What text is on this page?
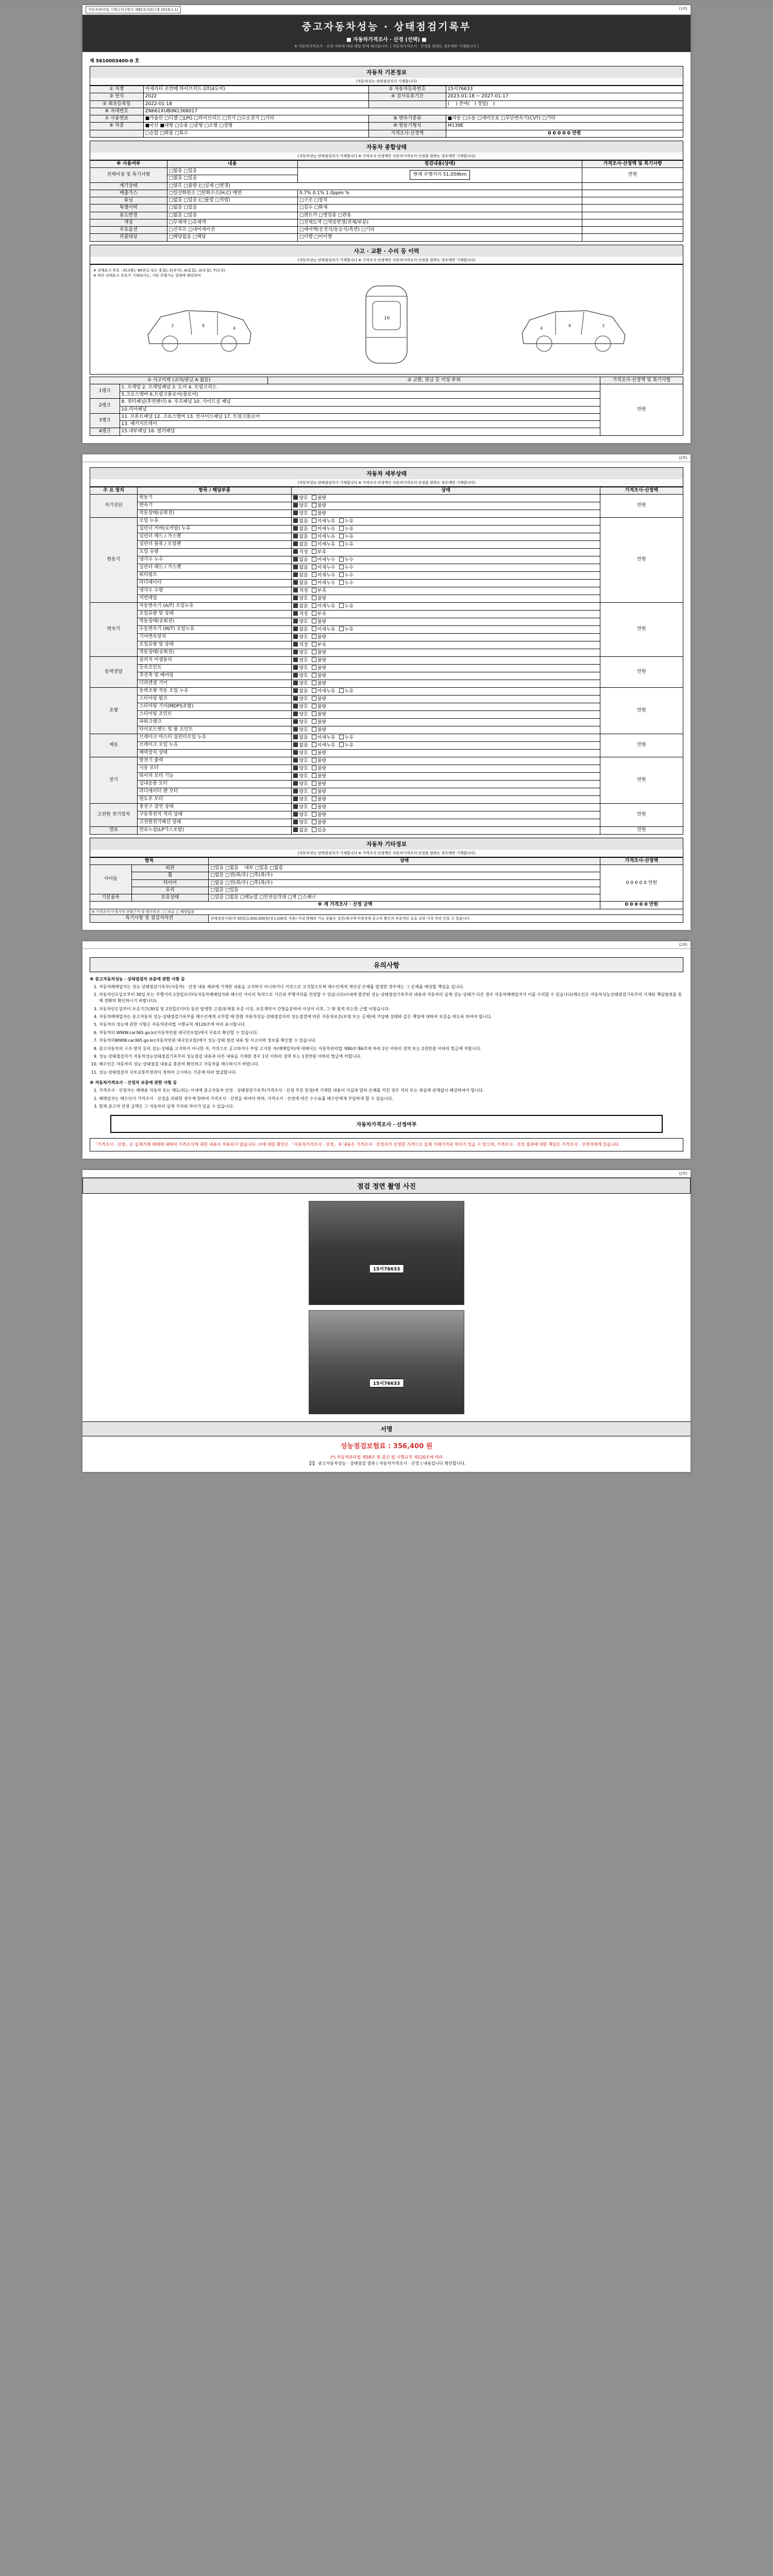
자동차관리법 시행규칙 [별지 제82호의3] (제 2019.1.1)	(1쪽)
중고자동차성능 · 상태점검기록부
■ 자동차가격조사 · 산정 (선택) ■
※ 자동차가격조사 · 산정 여부에 따라 해당 란에 체크합니다. ( 자동차가격조사 · 산정을 원하는 경우에만 기재합니다 )
제 5610003400-0 호
자동차 기본정보
(자동차성능·상태점검자가 기재합니다)
① 차명	마세라티 르반떼 하이브리드 GT(4도어)	② 자동차등록번호	15서76633
③ 연식	2022	④ 검사유효기간	2023-01-18 ~ 2027-01-17
⑤ 최초등록일	2022-01-18		(　 ) 잔여(　) 정밀(　)
⑥ 차대번호	ZN661XUB0N1368017		
⑦ 사용연료	■가솔린 □디젤 □LPG □하이브리드 □전기 □수소전기 □기타	⑧ 변속기종류	■자동 □수동 □세미오토 □무단변속기(CVT) □기타
⑨ 차종	■국산 ■대형 □승용 □중형 □소형 □경형	⑩ 원동기형식	M139E
	□승합 □화물 □특수	가격조사·산정액	0 0 0 0 0 만원
자동차 종합상태
(자동차성능·상태점검자가 기재합니다 ※ 가격조사·산정액은 자동차가격조사·산정을 원하는 경우에만 기재합니다)
※ 사용여부	내용	점검내용(상태)	가격조사·산정액 및 특기사항
전체이상 및 특기사항	□없음 □있음	현재 주행거리 51,059km	만원
	□없음 □있음		
계기상태	□양호 □불량 (□실제 □변경)		
배출가스	□일산화탄소 □탄화수소(H,C) 매연	0.7% 0.1% 1.0ppm %	
튜닝	□없음 □있음 (□불법 □적법)	□구조 □장치	
특별이력	□없음 □있음	□침수 □화재	
용도변경	□없음 □있음	□렌트카 □영업용 □관용	
색상	□무채색 □유채색	□전체도색 □색상변경(전체/부분)	
주요옵션	□선루프 □내비게이션	□에어백(운전석/동승석/측면) □기타	
리콜대상	□해당없음 □해당	□이행 □미이행	
사고 · 교환 · 수리 등 이력
(자동차성능·상태점검자가 기재합니다 ※ 가격조사·산정액은 자동차가격조사·산정을 원하는 경우에만 기재합니다)
※ 상태표시 부호 : X(교환), W(판금 또는 용접), C(부식), A(흠집), U(요철), T(손상)
※ 하단 상태표시 부호가 기재되어도, 기타 주행가능 상태에 해당되며
3	8
4
16
3
8
4
① 사고이력 (교차/판금 A 없음)		② 교환, 판금 등 이상 부위	가격조사·산정액 및 특기사항
1랭크	1. 프레임 2. 프레임패널 3. 도어 4. 트렁크리드		만원
	5.크로스맴버 6.트렁크플로어(플로어)		
2랭크	8. 쿼터패널(후면펜더) 9. 루프패널 10. 사이드실 패널		
	10.리어패널		
3랭크	11. 프론트패널 12. 크로스맴버 13. 인사이드패널 17. 트렁크플로어		
	13. 패키지트레이		
4랭크	15.내부패널 16. 필러패널		
(2쪽)
자동차 세부상태
(자동차성능·상태점검자가 기재합니다 ※ 가격조사·산정액은 자동차가격조사·산정을 원하는 경우에만 기재합니다)
주 요 장치	항목 / 해당부품	상태	가격조사·산정액
자기진단	원동기	양호 불량	만원
	변속기	양호 불량	
	작동상태(공회전)	양호 불량	
원동기	오일 누유	없음 미세누유 누유	만원
	실린더 커버(로커암) 누유	없음 미세누유 누유	
	실린더 헤드 / 가스켓	없음 미세누유 누유	
	실린더 블록 / 오일팬	없음 미세누유 누유	
	오일 유량	적정 부족	
	냉각수 누수	없음 미세누수 누수	
	실린더 헤드 / 가스켓	없음 미세누수 누수	
	워터펌프	없음 미세누수 누수	
	라디에이터	없음 미세누수 누수	
	냉각수 수량	적정 부족	
	커먼레일	양호 불량	
변속기	자동변속기 (A/T) 오일누유	없음 미세누유 누유	만원
	오일유량 및 상태	적정 부족	
	작동상태(공회전)	양호 불량	
	수동변속기 (M/T) 오일누유	없음 미세누유 누유	
	기어변속장치	양호 불량	
	오일유량 및 상태	적정 부족	
	작동상태(공회전)	양호 불량	
동력전달	클러치 어셈블리	양호 불량	만원
	등속조인트	양호 불량	
	추진축 및 베어링	양호 불량	
	디퍼렌셜 기어	양호 불량	
조향	동력조향 작동 오일 누유	없음 미세누유 누유	만원
	스티어링 펌프	양호 불량	
	스티어링 기어(MDPS포함)	양호 불량	
	스티어링 조인트	양호 불량	
	파워크랭크	양호 불량	
	타이로드엔드 및 볼 조인트	양호 불량	
제동	브레이크 마스터 실린더오일 누유	없음 미세누유 누유	만원
	브레이크 오일 누유	없음 미세누유 누유	
	배력장치 상태	양호 불량	
전기	발전기 출력	양호 불량	만원
	시동 모터	양호 불량	
	와이퍼 모터 기능	양호 불량	
	실내송풍 모터	양호 불량	
	라디에이터 팬 모터	양호 불량	
	윈도우 모터	양호 불량	
고전원 전기장치	충전구 절연 상태	양호 불량	만원
	구동축전지 격리 상태	양호 불량	
	고전원전기배선 상태	양호 불량	
연료	연료누설(LP가스포함)	없음 있음	만원
자동차 기타정보
(자동차성능·상태점검자가 기재합니다 ※ 가격조사·산정액은 자동차가격조사·산정을 원하는 경우에만 기재합니다)
항목		상태	가격조사·산정액
사이들	외판	□있음 □없음 내부 □있음 □없음	0 0 0 0 0 만원
	휠	□없음 □전(좌/우) □후(좌/우)	
	타이어	□없음 □전(좌/우) □후(좌/우)	
	유리	□없음 □있음	
기본품목	보유상태	□있음 □없음 □매뉴얼 □안전삼각대 □잭 □스패너	
※ 계 가격조사 · 산정 금액			0 0 0 0 0 만원
※ 가격조사·산정가격 산출근거 및 평가의견 : □ 보유 □ 해당없음			
특기사항 및 점검자의견		전체점검사항(약 50일(1,000,000원/성능100일 적용) 이내 발째의 기능 부품은 검증/제시에 비정상에 중고차 확인과 부분적인 유효 보증 이상 버전 인를 수 있습니다	
(2쪽)
유의사항

※ 중고자동차성능 · 상태점검자 보증에 관한 사항 등

1. 자동차매매업자는 성능·상태점검기록부(자동차) · 산정 내용 제외에 기재한 내용을 고지하지 아니하거나 거짓으로 고지할으로써 매수인에게 재산상 손해를 발생한 경우에는 그 손해를 배상할 책임을 집니다.
2. 자동차인도일로부터 30일 또는 주행거리 2천킬로미터(자동차매매업자와 매수인 사이의 특약으로 기간과 주행거리를 연장할 수 있습니다)이내에 발견된 성능·상태점검기록부의 내용과 자동차의 실제 성능·상태가 다른 경우 자동차매매업자가 이를 수리할 수 있습니다(매도인은 자동차성능상태점검기록부의 기재된 책임범위를 통해 정확히 확인하시기 바랍니다).
3. 자동차인도일부터 보증기간(30일 및 2천킬로미터) 동안 발생한 고장/문제점 보증 이상, 보증계약서 간항을분하여 이상이 이후, 그 밖 원적 또는한 근별 이렇습니다.
4. 자동차매매업자는 중고자동차 성능·상태점검기록부를 매수인에게 교부할 때 한함 자동차성능·상태점검자의 성능점검에 따른 자동차보증(보험 또는 공제)에 가입해 상태와 같은 책임에 대하여 보증을 하도록 하여야 합니다.
5. 자동차의 성능에 관한 사항은 자동차관리법 시행규칙 제120조에 따라 표시합니다.
6. 자동차의 WWW.car365.go.kr(자동차민원 대국민포털)에서 무료로 확인할 수 있습니다.
7. 자동차의WWW.car365.go.kr(자동차민원 대국민포털)에서 성능·상태 점검 내용 및 사고이력 정보를 확인할 수 있습니다.
8. 중고자동차의 구조·장치 등의 성능·상태를 고지하지 아니한 자, 거짓으로 공고하거나 부당 고지한 자(매매업자)에 대해서는 자동차관리법 제80조제6호에 따라 2년 이하의 징역 또는 2천만원 이하의 벌금에 처합니다.
9. 성능·상태점검자가 자동차성능상태점검기록부의 성능점검 내용과 다른 내용을 기재한 경우 1년 이하의 징역 또는 1천만원 이하의 벌금에 처합니다.
10. 매수인은 자동차의 성능·상태점검 내용을 충분히 확인하고 자동차를 매수하시기 바랍니다.
11. 성능·상태점검자 국토교통부장관이 정하여 고시하는 기준에 따라 발급합니다.

※ 자동차가격조사 · 산정자 보증에 관한 사항 등

1. 가격조사 · 산정자는 매매용 자동차 또는 매도/되는 이내에 중고자동차 산정 · 상태점검기록부(가격조사 · 산정 부분 한정)에 기재한 내용이 사실과 달라 손해를 끼친 경우 적의 또는 과실에 관계없이 배상하여야 합니다.
2. 매매업자는 매수인이 가격조사 · 산정을 의뢰한 경우에 한하여 가격조사 · 산정을 하여야 하며, 가격조사 · 산정에 따른 수수료를 매수인에게 부담하게 할 수 있습니다.
3. 현재 중고차 산정 금액은 그 자동차의 실제 가치와 차이가 있을 수 있습니다.
자동차가격조사 · 산정여부
「가격조사 · 산정」은 실제거래 매매에 대하여 가격조사에 대한 내용이 적용되지 않습니다. 이에 대한 확인은 「자동차가격조사 · 산정」의 내용은 가격조사 · 산정자가 산정한 가격으로 실제 거래가격과 차이가 있을 수 있으며, 가격조사 · 산정 결과에 대한 책임은 가격조사 · 산정자에게 있습니다.
(2쪽)
점검 정면 촬영 사진
15서76633
15서76633
서명
성능점검보험료 : 356,400 원
(*) 자동차관리법 제58조 및 같은 법 시행규칙 제120조에 따라
【Ⅰ】 중고자동차성능 · 상태점검 결과 ( 자동차가격조사 · 산정 ) 내용입니다 확인합니다.
